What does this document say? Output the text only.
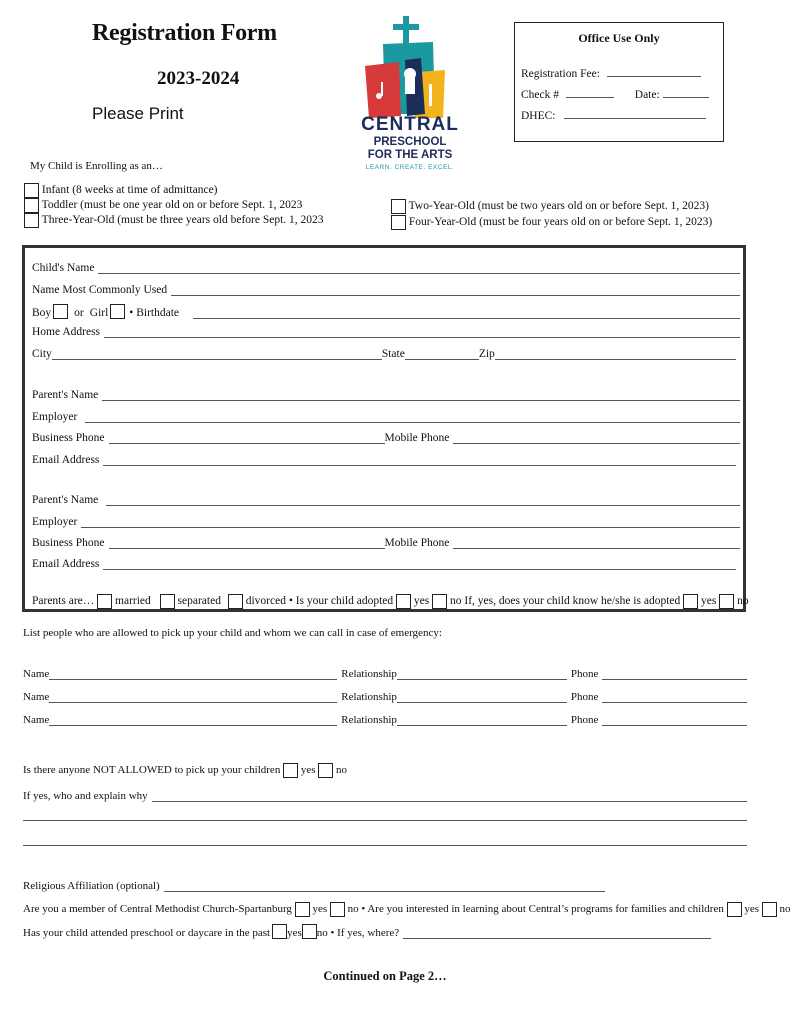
Registration Form
2023-2024
Please Print
CENTRAL
PRESCHOOL
FOR THE ARTS
LEARN. CREATE. EXCEL.
Office Use Only
Registration Fee:
Check #	Date:
DHEC:
My Child is Enrolling as an…
Infant (8 weeks at time of admittance)
Toddler (must be one year old on or before Sept. 1, 2023
Three-Year-Old (must be three years old before Sept. 1, 2023
Two-Year-Old (must be two years old on or before Sept. 1, 2023)
Four-Year-Old (must be four years old on or before Sept. 1, 2023)
Child's Name
Name Most Commonly Used
Boy or Girl • Birthdate
Home Address
City	State	Zip
Parent's Name
Employer
Business Phone	Mobile Phone
Email Address
Parent's Name
Employer
Business Phone	Mobile Phone
Email Address
Parents are… married separated divorced • Is your child adopted yes no If, yes, does your child know he/she is adopted yes no
List people who are allowed to pick up your child and whom we can call in case of emergency:
Name	Relationship	Phone
Name	Relationship	Phone
Name	Relationship	Phone
Is there anyone NOT ALLOWED to pick up your children yes no
If yes, who and explain why
Religious Affiliation (optional)
Are you a member of Central Methodist Church-Spartanburg yes no • Are you interested in learning about Central’s programs for families and children yes no
Has your child attended preschool or daycare in the past yes no • If yes, where?
Continued on Page 2…
